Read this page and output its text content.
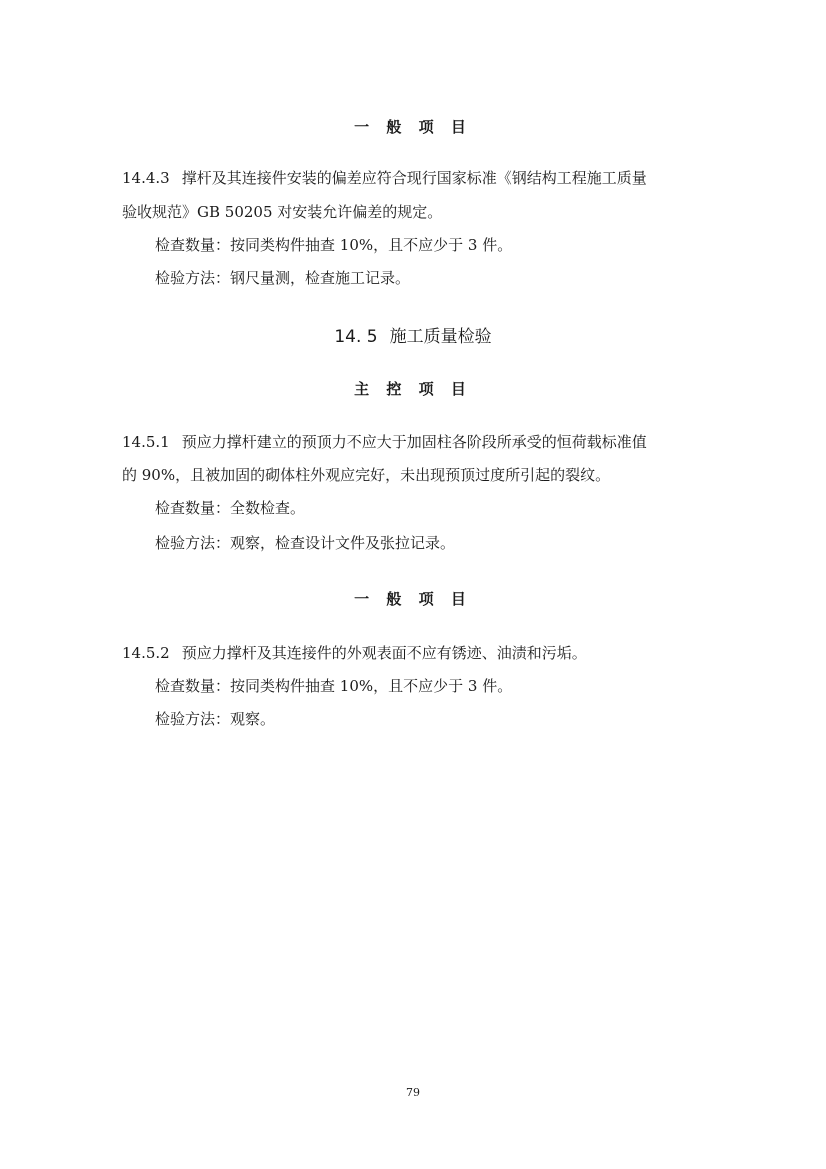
一 般 项 目
14.4.3 撑杆及其连接件安装的偏差应符合现行国家标准《钢结构工程施工质量
验收规范》GB 50205 对安装允许偏差的规定。
检查数量：按同类构件抽查 10%，且不应少于 3 件。
检验方法：钢尺量测，检查施工记录。
14. 5 施工质量检验
主 控 项 目
14.5.1 预应力撑杆建立的预顶力不应大于加固柱各阶段所承受的恒荷载标准值
的 90%，且被加固的砌体柱外观应完好，未出现预顶过度所引起的裂纹。
检查数量：全数检查。
检验方法：观察，检查设计文件及张拉记录。
一 般 项 目
14.5.2 预应力撑杆及其连接件的外观表面不应有锈迹、油渍和污垢。
检查数量：按同类构件抽查 10%，且不应少于 3 件。
检验方法：观察。
79
